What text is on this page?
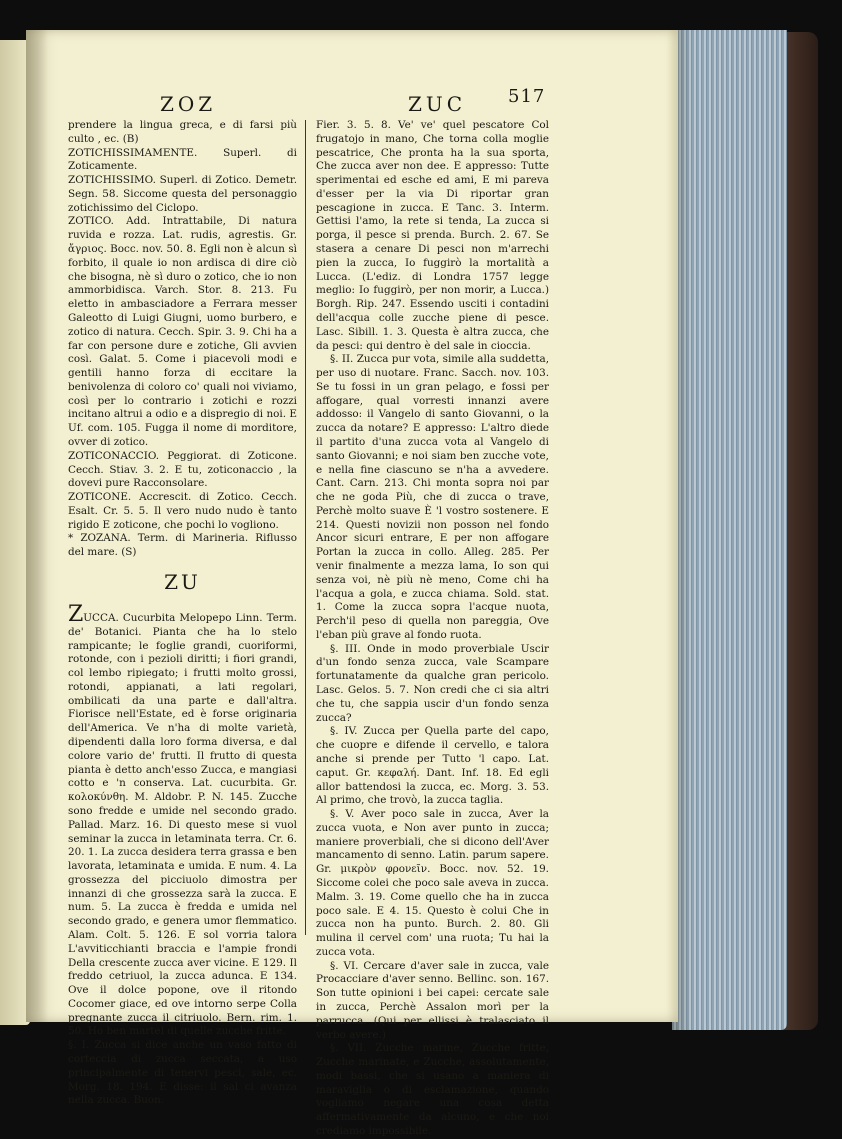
ZOZ	ZUC 517

prendere la lingua greca, e di farsi più culto , ec. (B)

ZOTICHISSIMAMENTE. Superl. di Zoticamente.

ZOTICHISSIMO. Superl. di Zotico. Demetr. Segn. 58. Siccome questa del personaggio zotichissimo del Ciclopo.

ZOTICO. Add. Intrattabile, Di natura ruvida e rozza. Lat. rudis, agrestis. Gr. ἄγριος. Bocc. nov. 50. 8. Egli non è alcun sì forbito, il quale io non ardisca di dire ciò che bisogna, nè sì duro o zotico, che io non ammorbidisca. Varch. Stor. 8. 213. Fu eletto in ambasciadore a Ferrara messer Galeotto di Luigi Giugni, uomo burbero, e zotico di natura. Cecch. Spir. 3. 9. Chi ha a far con persone dure e zotiche, Gli avvien così. Galat. 5. Come i piacevoli modi e gentili hanno forza di eccitare la benivolenza di coloro co' quali noi viviamo, così per lo contrario i zotichi e rozzi incitano altrui a odio e a dispregio di noi. E Uf. com. 105. Fugga il nome di morditore, ovver di zotico.

ZOTICONACCIO. Peggiorat. di Zoticone. Cecch. Stiav. 3. 2. E tu, zoticonaccio , la dovevi pure Racconsolare.

ZOTICONE. Accrescit. di Zotico. Cecch. Esalt. Cr. 5. 5. Il vero nudo nudo è tanto rigido E zoticone, che pochi lo vogliono.

* ZOZANA. Term. di Marineria. Riflusso del mare. (S)

ZU

ZUCCA. Cucurbita Melopepo Linn. Term. de' Botanici. Pianta che ha lo stelo rampicante; le foglie grandi, cuoriformi, rotonde, con i pezioli diritti; i fiori grandi, col lembo ripiegato; i frutti molto grossi, rotondi, appianati, a lati regolari, ombilicati da una parte e dall'altra. Fiorisce nell'Estate, ed è forse originaria dell'America. Ve n'ha di molte varietà, dipendenti dalla loro forma diversa, e dal colore vario de' frutti. Il frutto di questa pianta è detto anch'esso Zucca, e mangiasi cotto e 'n conserva. Lat. cucurbita. Gr. κολοκύνθη. M. Aldobr. P. N. 145. Zucche sono fredde e umide nel secondo grado. Pallad. Marz. 16. Di questo mese si vuol seminar la zucca in letaminata terra. Cr. 6. 20. 1. La zucca desidera terra grassa e ben lavorata, letaminata e umida. E num. 4. La grossezza del picciuolo dimostra per innanzi di che grossezza sarà la zucca. E num. 5. La zucca è fredda e umida nel secondo grado, e genera umor flemmatico. Alam. Colt. 5. 126. E sol vorria talora L'avviticchianti braccia e l'ampie frondi Della crescente zucca aver vicine. E 129. Il freddo cetriuol, la zucca adunca. E 134. Ove il dolce popone, ove il ritondo Cocomer giace, ed ove intorno serpe Colla pregnante zucca il citriuolo. Bern. rim. 1. 50. Ho ben martel di quelle zucche fritte.

§. I. Zucca si dice anche un vaso fatto di corteccia di zucca seccata, a uso principalmente di tenervi pesci, sale, ec. Morg. 18. 194. E disse: il sal ci avanza nella zucca. Buon.

Fier. 3. 5. 8. Ve' ve' quel pescatore Col frugatojo in mano, Che torna colla moglie pescatrice, Che pronta ha la sua sporta, Che zucca aver non dee. E appresso: Tutte sperimentai ed esche ed ami, E mi pareva d'esser per la via Di riportar gran pescagione in zucca. E Tanc. 3. Interm. Gettisi l'amo, la rete si tenda, La zucca si porga, il pesce si prenda. Burch. 2. 67. Se stasera a cenare Di pesci non m'arrechi pien la zucca, Io fuggirò la mortalità a Lucca. (L'ediz. di Londra 1757 legge meglio: Io fuggirò, per non morir, a Lucca.) Borgh. Rip. 247. Essendo usciti i contadini dell'acqua colle zucche piene di pesce. Lasc. Sibill. 1. 3. Questa è altra zucca, che da pesci: qui dentro è del sale in cioccia.

§. II. Zucca pur vota, simile alla suddetta, per uso di nuotare. Franc. Sacch. nov. 103. Se tu fossi in un gran pelago, e fossi per affogare, qual vorresti innanzi avere addosso: il Vangelo di santo Giovanni, o la zucca da notare? E appresso: L'altro diede il partito d'una zucca vota al Vangelo di santo Giovanni; e noi siam ben zucche vote, e nella fine ciascuno se n'ha a avvedere. Cant. Carn. 213. Chi monta sopra noi par che ne goda Più, che di zucca o trave, Perchè molto suave È 'l vostro sostenere. E 214. Questi novizii non posson nel fondo Ancor sicuri entrare, E per non affogare Portan la zucca in collo. Alleg. 285. Per venir finalmente a mezza lama, Io son qui senza voi, nè più nè meno, Come chi ha l'acqua a gola, e zucca chiama. Sold. stat. 1. Come la zucca sopra l'acque nuota, Perch'il peso di quella non pareggia, Ove l'eban più grave al fondo ruota.

§. III. Onde in modo proverbiale Uscir d'un fondo senza zucca, vale Scampare fortunatamente da qualche gran pericolo. Lasc. Gelos. 5. 7. Non credi che ci sia altri che tu, che sappia uscir d'un fondo senza zucca?

§. IV. Zucca per Quella parte del capo, che cuopre e difende il cervello, e talora anche si prende per Tutto 'l capo. Lat. caput. Gr. κεφαλή. Dant. Inf. 18. Ed egli allor battendosi la zucca, ec. Morg. 3. 53. Al primo, che trovò, la zucca taglia.

§. V. Aver poco sale in zucca, Aver la zucca vuota, e Non aver punto in zucca; maniere proverbiali, che si dicono dell'Aver mancamento di senno. Latin. parum sapere. Gr. μικρὸν φρονεῖν. Bocc. nov. 52. 19. Siccome colei che poco sale aveva in zucca. Malm. 3. 19. Come quello che ha in zucca poco sale. E 4. 15. Questo è colui Che in zucca non ha punto. Burch. 2. 80. Gli mulina il cervel com' una ruota; Tu hai la zucca vota.

§. VI. Cercare d'aver sale in zucca, vale Procacciare d'aver senno. Bellinc. son. 167. Son tutte opinioni i bei capei: cercate sale in zucca, Perchè Assalon morì per la parrucca. (Qui per ellissi è tralasciato il verbo avere.)

§. VII. Zucche marine, Zucche fritte, Zucche marinate, e Zucche, assolutamente, modi bassi, che si usano a maniera di maraviglia o di esclamazione, quando vogliamo negare una cosa detta affermativamente da alcuno, e che noi crediamo impossibile.
